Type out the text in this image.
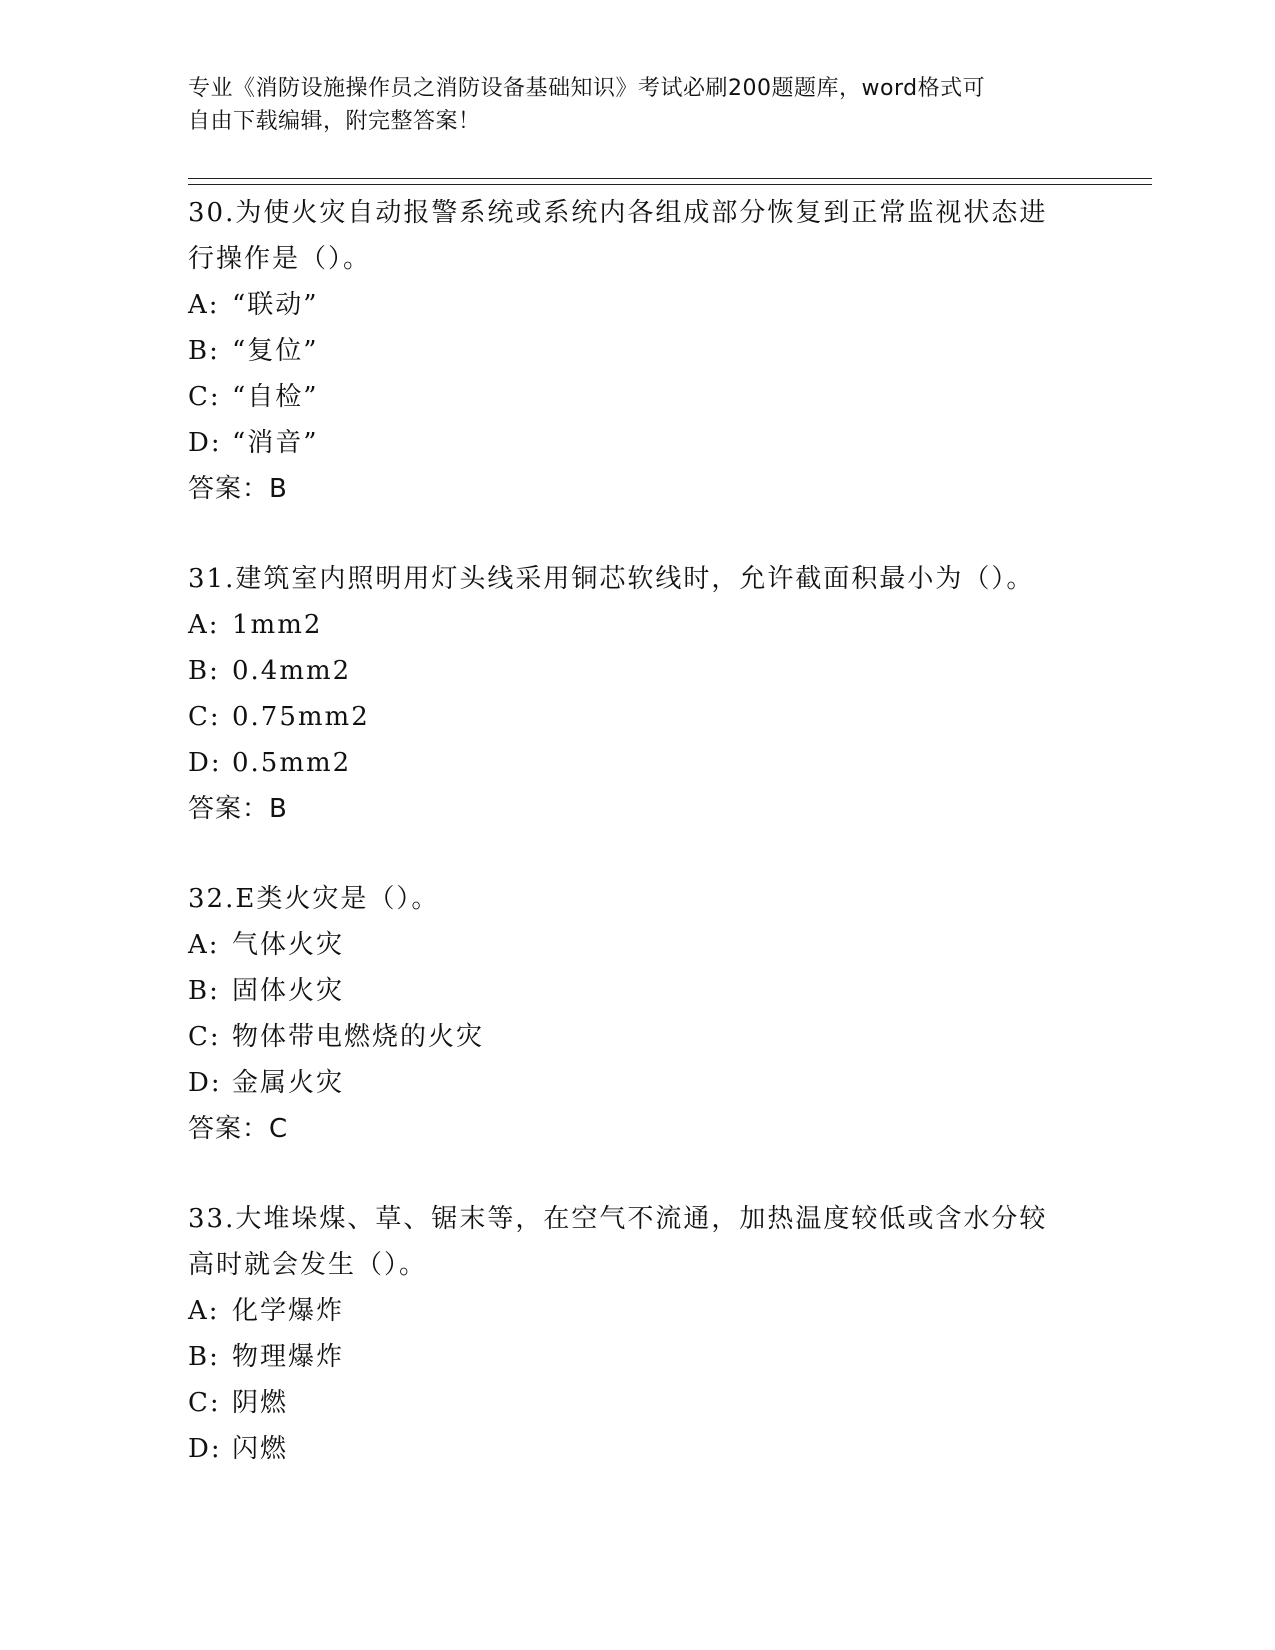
专业《消防设施操作员之消防设备基础知识》考试必刷200题题库，word格式可
自由下载编辑，附完整答案！
30.为使火灾自动报警系统或系统内各组成部分恢复到正常监视状态进
行操作是（）。
A: “联动”
B: “复位”
C: “自检”
D: “消音”
答案：B
31.建筑室内照明用灯头线采用铜芯软线时，允许截面积最小为（）。
A: 1mm2
B: 0.4mm2
C: 0.75mm2
D: 0.5mm2
答案：B
32.E类火灾是（）。
A: 气体火灾
B: 固体火灾
C: 物体带电燃烧的火灾
D: 金属火灾
答案：C
33.大堆垛煤、草、锯末等，在空气不流通，加热温度较低或含水分较
高时就会发生（）。
A: 化学爆炸
B: 物理爆炸
C: 阴燃
D: 闪燃
